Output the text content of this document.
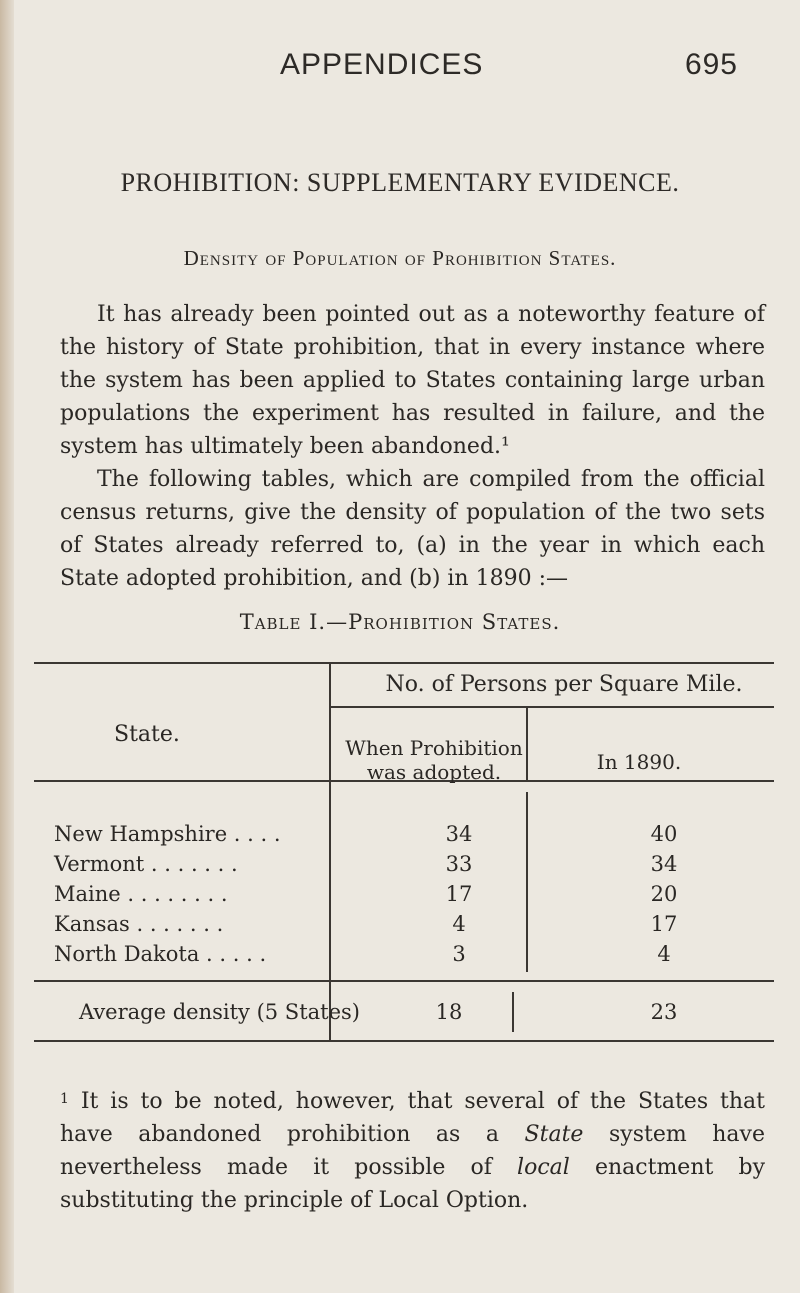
APPENDICES	695
PROHIBITION: SUPPLEMENTARY EVIDENCE.
Density of Population of Prohibition States.

It has already been pointed out as a noteworthy feature of the history of State prohibition, that in every instance where the system has been applied to States containing large urban populations the experiment has resulted in failure, and the system has ultimately been abandoned.¹

The following tables, which are compiled from the official census returns, give the density of population of the two sets of States already referred to, (a) in the year in which each State adopted prohibition, and (b) in 1890 :—

Table I.—Prohibition States.
State.
No. of Persons per Square Mile.
When Prohibition was adopted.	In 1890.
New Hampshire . . . .	34	40
Vermont . . . . . . .	33	34
Maine . . . . . . . .	17	20
Kansas . . . . . . .	4	17
North Dakota . . . . .	3	4
Average density (5 States)	18	23
$^1$ It is to be noted, however, that several of the States that have abandoned prohibition as a State system have nevertheless made it possible of local enactment by substituting the principle of Local Option.
